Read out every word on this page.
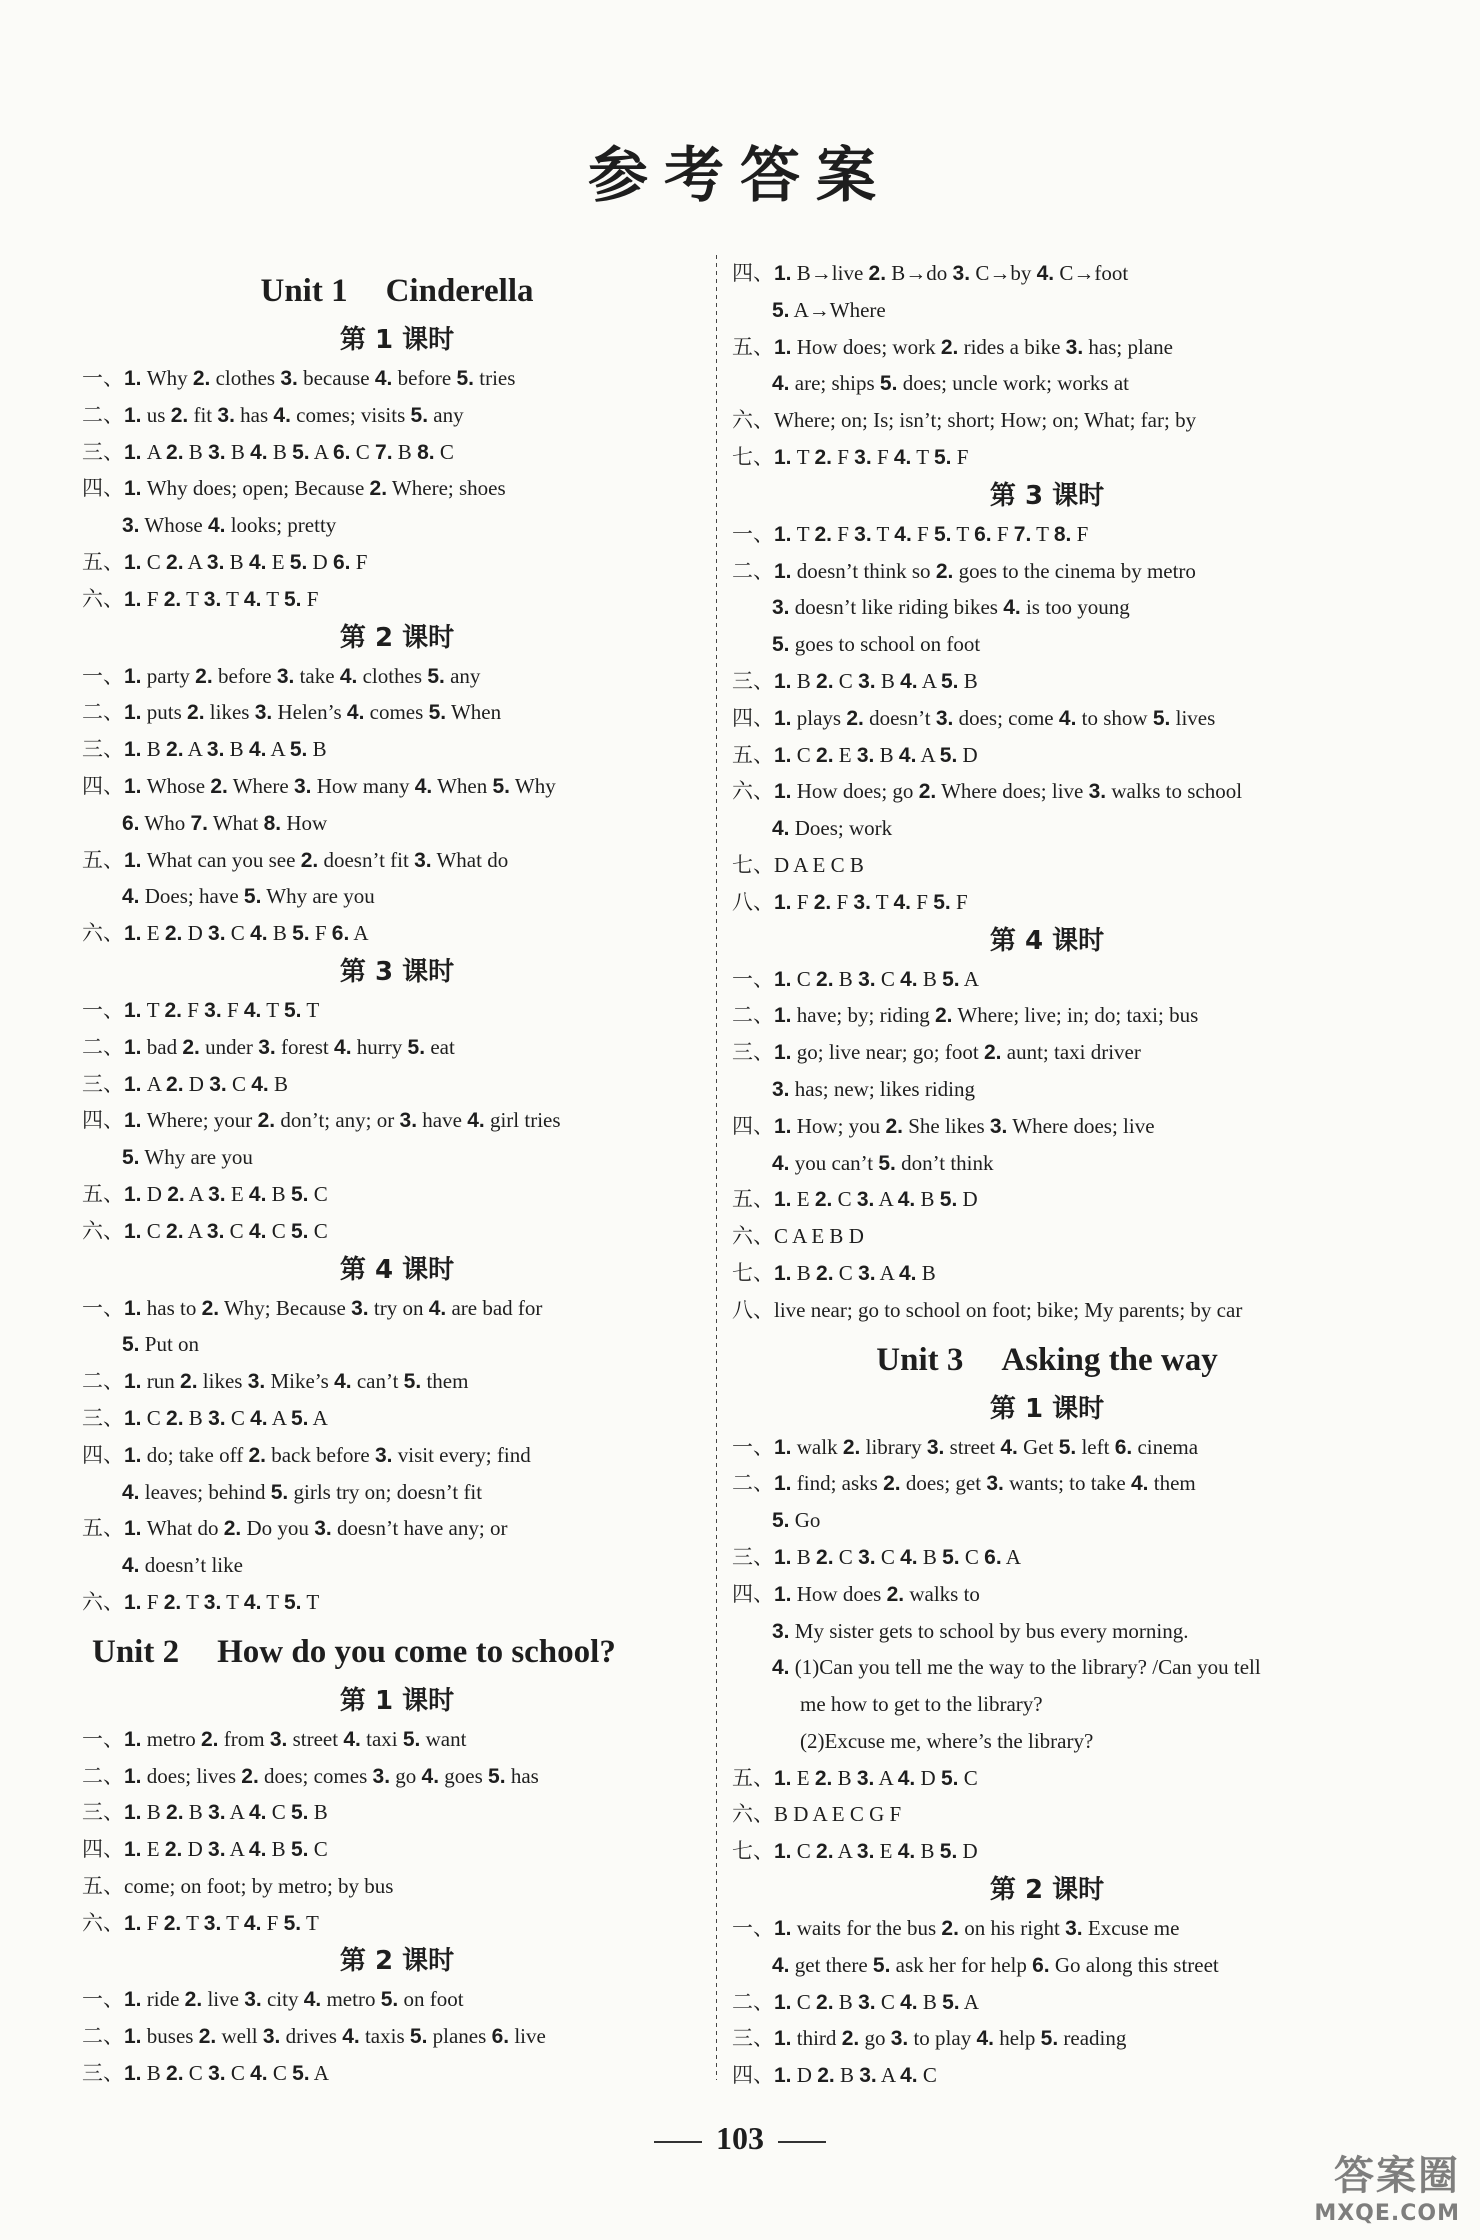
参考答案
Unit 1 Cinderella
第 1 课时
一、1. Why 2. clothes 3. because 4. before 5. tries
二、1. us 2. fit 3. has 4. comes; visits 5. any
三、1. A 2. B 3. B 4. B 5. A 6. C 7. B 8. C
四、1. Why does; open; Because 2. Where; shoes
3. Whose 4. looks; pretty
五、1. C 2. A 3. B 4. E 5. D 6. F
六、1. F 2. T 3. T 4. T 5. F
第 2 课时
一、1. party 2. before 3. take 4. clothes 5. any
二、1. puts 2. likes 3. Helen’s 4. comes 5. When
三、1. B 2. A 3. B 4. A 5. B
四、1. Whose 2. Where 3. How many 4. When 5. Why
6. Who 7. What 8. How
五、1. What can you see 2. doesn’t fit 3. What do
4. Does; have 5. Why are you
六、1. E 2. D 3. C 4. B 5. F 6. A
第 3 课时
一、1. T 2. F 3. F 4. T 5. T
二、1. bad 2. under 3. forest 4. hurry 5. eat
三、1. A 2. D 3. C 4. B
四、1. Where; your 2. don’t; any; or 3. have 4. girl tries
5. Why are you
五、1. D 2. A 3. E 4. B 5. C
六、1. C 2. A 3. C 4. C 5. C
第 4 课时
一、1. has to 2. Why; Because 3. try on 4. are bad for
5. Put on
二、1. run 2. likes 3. Mike’s 4. can’t 5. them
三、1. C 2. B 3. C 4. A 5. A
四、1. do; take off 2. back before 3. visit every; find
4. leaves; behind 5. girls try on; doesn’t fit
五、1. What do 2. Do you 3. doesn’t have any; or
4. doesn’t like
六、1. F 2. T 3. T 4. T 5. T
Unit 2 How do you come to school?
第 1 课时
一、1. metro 2. from 3. street 4. taxi 5. want
二、1. does; lives 2. does; comes 3. go 4. goes 5. has
三、1. B 2. B 3. A 4. C 5. B
四、1. E 2. D 3. A 4. B 5. C
五、come; on foot; by metro; by bus
六、1. F 2. T 3. T 4. F 5. T
第 2 课时
一、1. ride 2. live 3. city 4. metro 5. on foot
二、1. buses 2. well 3. drives 4. taxis 5. planes 6. live
三、1. B 2. C 3. C 4. C 5. A
四、1. B→live 2. B→do 3. C→by 4. C→foot
5. A→Where
五、1. How does; work 2. rides a bike 3. has; plane
4. are; ships 5. does; uncle work; works at
六、Where; on; Is; isn’t; short; How; on; What; far; by
七、1. T 2. F 3. F 4. T 5. F
第 3 课时
一、1. T 2. F 3. T 4. F 5. T 6. F 7. T 8. F
二、1. doesn’t think so 2. goes to the cinema by metro
3. doesn’t like riding bikes 4. is too young
5. goes to school on foot
三、1. B 2. C 3. B 4. A 5. B
四、1. plays 2. doesn’t 3. does; come 4. to show 5. lives
五、1. C 2. E 3. B 4. A 5. D
六、1. How does; go 2. Where does; live 3. walks to school
4. Does; work
七、D A E C B
八、1. F 2. F 3. T 4. F 5. F
第 4 课时
一、1. C 2. B 3. C 4. B 5. A
二、1. have; by; riding 2. Where; live; in; do; taxi; bus
三、1. go; live near; go; foot 2. aunt; taxi driver
3. has; new; likes riding
四、1. How; you 2. She likes 3. Where does; live
4. you can’t 5. don’t think
五、1. E 2. C 3. A 4. B 5. D
六、C A E B D
七、1. B 2. C 3. A 4. B
八、live near; go to school on foot; bike; My parents; by car
Unit 3 Asking the way
第 1 课时
一、1. walk 2. library 3. street 4. Get 5. left 6. cinema
二、1. find; asks 2. does; get 3. wants; to take 4. them
5. Go
三、1. B 2. C 3. C 4. B 5. C 6. A
四、1. How does 2. walks to
3. My sister gets to school by bus every morning.
4. (1)Can you tell me the way to the library? /Can you tell
me how to get to the library?
(2)Excuse me, where’s the library?
五、1. E 2. B 3. A 4. D 5. C
六、B D A E C G F
七、1. C 2. A 3. E 4. B 5. D
第 2 课时
一、1. waits for the bus 2. on his right 3. Excuse me
4. get there 5. ask her for help 6. Go along this street
二、1. C 2. B 3. C 4. B 5. A
三、1. third 2. go 3. to play 4. help 5. reading
四、1. D 2. B 3. A 4. C
103
答案圈
MXQE.COM
